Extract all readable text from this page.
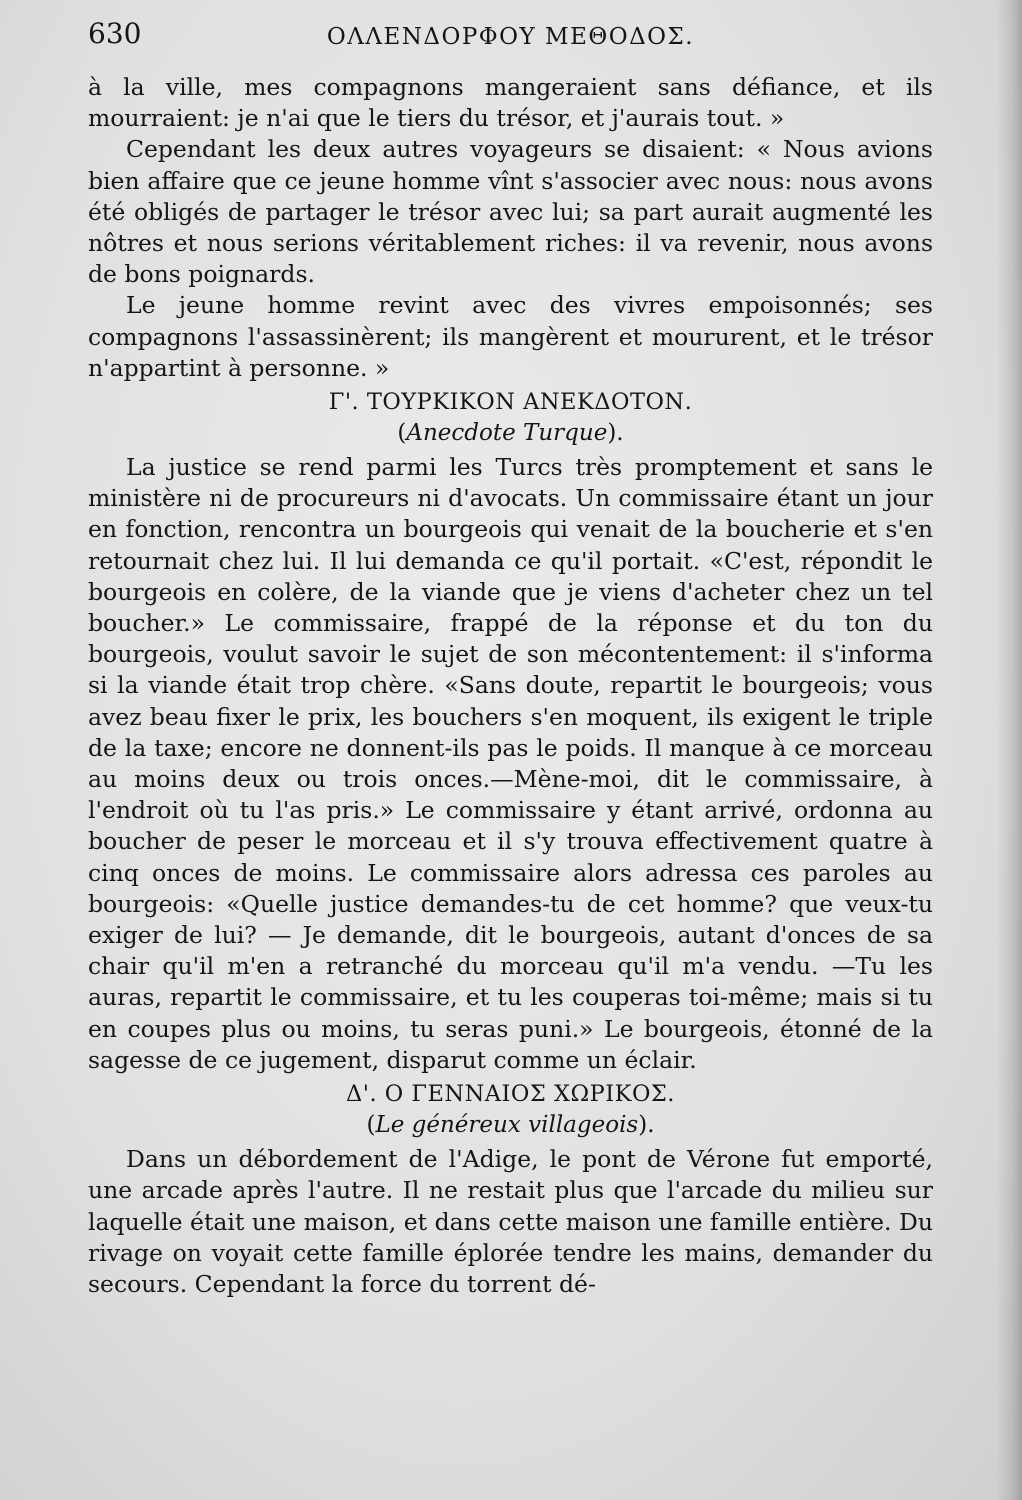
630	ΟΛΛΕΝΔΟΡΦΟΥ ΜΕΘΟΔΟΣ.

à la ville, mes compagnons mangeraient sans défiance, et ils mourraient: je n'ai que le tiers du trésor, et j'aurais tout. »

Cependant les deux autres voyageurs se disaient: « Nous avions bien affaire que ce jeune homme vînt s'associer avec nous: nous avons été obligés de partager le trésor avec lui; sa part aurait augmenté les nôtres et nous serions véritablement riches: il va revenir, nous avons de bons poignards.

Le jeune homme revint avec des vivres empoisonnés; ses compagnons l'assassinèrent; ils mangèrent et moururent, et le trésor n'appartint à personne. »

Γ'. ΤΟΥΡΚΙΚΟΝ ΑΝΕΚΔΟΤΟΝ.
(Anecdote Turque).

La justice se rend parmi les Turcs très promptement et sans le ministère ni de procureurs ni d'avocats. Un commissaire étant un jour en fonction, rencontra un bourgeois qui venait de la boucherie et s'en retournait chez lui. Il lui demanda ce qu'il portait. «C'est, répondit le bourgeois en colère, de la viande que je viens d'acheter chez un tel boucher.» Le commissaire, frappé de la réponse et du ton du bourgeois, voulut savoir le sujet de son mécontentement: il s'informa si la viande était trop chère. «Sans doute, repartit le bourgeois; vous avez beau fixer le prix, les bouchers s'en moquent, ils exigent le triple de la taxe; encore ne donnent-ils pas le poids. Il manque à ce morceau au moins deux ou trois onces.—Mène-moi, dit le commissaire, à l'endroit où tu l'as pris.» Le commissaire y étant arrivé, ordonna au boucher de peser le morceau et il s'y trouva effectivement quatre à cinq onces de moins. Le commissaire alors adressa ces paroles au bourgeois: «Quelle justice demandes-tu de cet homme? que veux-tu exiger de lui? — Je demande, dit le bourgeois, autant d'onces de sa chair qu'il m'en a retranché du morceau qu'il m'a vendu. —Tu les auras, repartit le commissaire, et tu les couperas toi-même; mais si tu en coupes plus ou moins, tu seras puni.» Le bourgeois, étonné de la sagesse de ce jugement, disparut comme un éclair.

Δ'. Ο ΓΕΝΝΑΙΟΣ ΧΩΡΙΚΟΣ.
(Le généreux villageois).

Dans un débordement de l'Adige, le pont de Vérone fut emporté, une arcade après l'autre. Il ne restait plus que l'arcade du milieu sur laquelle était une maison, et dans cette maison une famille entière. Du rivage on voyait cette famille éplorée tendre les mains, demander du secours. Cependant la force du torrent dé-
